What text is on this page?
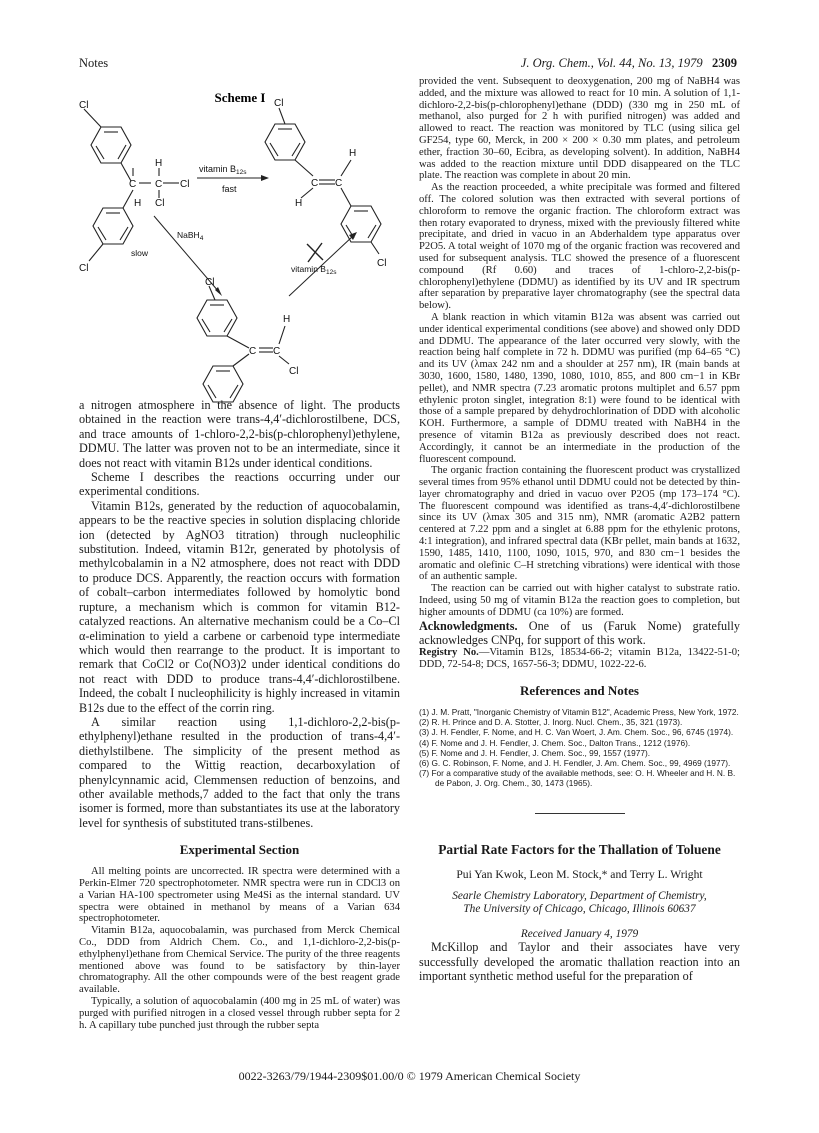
Notes	J. Org. Chem., Vol. 44, No. 13, 1979 2309
Scheme I
Cl
C C Cl
H
Cl
H
Cl
vitamin $B_{12s}$
fast
Cl
C C
H
H
Cl
NaBH$_4$
slow
vitamin $B_{12s}$
Cl
C C
H
Cl

a nitrogen atmosphere in the absence of light. The products obtained in the reaction were trans-4,4′-dichlorostilbene, DCS, and trace amounts of 1-chloro-2,2-bis(p-chlorophenyl)ethylene, DDMU. The latter was proven not to be an intermediate, since it does not react with vitamin B12s under identical conditions.

Scheme I describes the reactions occurring under our experimental conditions.

Vitamin B12s, generated by the reduction of aquocobalamin, appears to be the reactive species in solution displacing chloride ion (detected by AgNO3 titration) through nucleophilic substitution. Indeed, vitamin B12r, generated by photolysis of methylcobalamin in a N2 atmosphere, does not react with DDD to produce DCS. Apparently, the reaction occurs with formation of cobalt–carbon intermediates followed by homolytic bond rupture, a mechanism which is common for vitamin B12-catalyzed reactions. An alternative mechanism could be a Co–Cl α-elimination to yield a carbene or carbenoid type intermediate which would then rearrange to the product. It is important to remark that CoCl2 or Co(NO3)2 under identical conditions do not react with DDD to produce trans-4,4′-dichlorostilbene. Indeed, the cobalt I nucleophilicity is highly increased in vitamin B12s due to the effect of the corrin ring.

A similar reaction using 1,1-dichloro-2,2-bis(p-ethylphenyl)ethane resulted in the production of trans-4,4′-diethylstilbene. The simplicity of the present method as compared to the Wittig reaction, decarboxylation of phenylcynnamic acid, Clemmensen reduction of benzoins, and other available methods,7 added to the fact that only the trans isomer is formed, more than substantiates its use at the laboratory level for synthesis of substituted trans-stilbenes.

Experimental Section

All melting points are uncorrected. IR spectra were determined with a Perkin-Elmer 720 spectrophotometer. NMR spectra were run in CDCl3 on a Varian HA-100 spectrometer using Me4Si as the internal standard. UV spectra were obtained in methanol by means of a Varian 634 spectrophotometer.

Vitamin B12a, aquocobalamin, was purchased from Merck Chemical Co., DDD from Aldrich Chem. Co., and 1,1-dichloro-2,2-bis(p-ethylphenyl)ethane from Chemical Service. The purity of the three reagents mentioned above was found to be satisfactory by thin-layer chromatography. All the other compounds were of the best reagent grade available.

Typically, a solution of aquocobalamin (400 mg in 25 mL of water) was purged with purified nitrogen in a closed vessel through rubber septa for 2 h. A capillary tube punched just through the rubber septa

provided the vent. Subsequent to deoxygenation, 200 mg of NaBH4 was added, and the mixture was allowed to react for 10 min. A solution of 1,1-dichloro-2,2-bis(p-chlorophenyl)ethane (DDD) (330 mg in 250 mL of methanol, also purged for 2 h with purified nitrogen) was added and allowed to react. The reaction was monitored by TLC (using silica gel GF254, type 60, Merck, in 200 × 200 × 0.30 mm plates, and petroleum ether, fraction 30–60, Ecibra, as developing solvent). In addition, NaBH4 was added to the reaction mixture until DDD disappeared on the TLC plate. The reaction was complete in about 20 min.

As the reaction proceeded, a white precipitale was formed and filtered off. The colored solution was then extracted with several portions of chloroform to remove the organic fraction. The chloroform extract was then rotary evaporated to dryness, mixed with the previously filtered white precipitate, and dried in vacuo in an Abderhaldem type apparatus over P2O5. A total weight of 1070 mg of the organic fraction was recovered and used for subsequent analysis. TLC showed the presence of a fluorescent compound (Rf 0.60) and traces of 1-chloro-2,2-bis(p-chlorophenyl)ethylene (DDMU) as identified by its UV and IR spectrum after separation by preparative layer chromatography (see the spectral data below).

A blank reaction in which vitamin B12a was absent was carried out under identical experimental conditions (see above) and showed only DDD and DDMU. The appearance of the later occurred very slowly, with the reaction being half complete in 72 h. DDMU was purified (mp 64–65 °C) and its UV (λmax 242 nm and a shoulder at 257 nm), IR (main bands at 3030, 1600, 1580, 1480, 1390, 1080, 1010, 855, and 800 cm−1 in KBr pellet), and NMR spectra (7.23 aromatic protons multiplet and 6.57 ppm ethylenic proton singlet, integration 8:1) were found to be identical with those of a sample prepared by dehydrochlorination of DDD with alcoholic KOH. Furthermore, a sample of DDMU treated with NaBH4 in the presence of vitamin B12a as previously described does not react. Accordingly, it cannot be an intermediate in the production of the fluorescent compound.

The organic fraction containing the fluorescent product was crystallized several times from 95% ethanol until DDMU could not be detected by thin-layer chromatography and dried in vacuo over P2O5 (mp 173–174 °C). The fluorescent compound was identified as trans-4,4′-dichlorostilbene since its UV (λmax 305 and 315 nm), NMR (aromatic A2B2 pattern centered at 7.22 ppm and a singlet at 6.88 ppm for the ethylenic protons, 4:1 integration), and infrared spectral data (KBr pellet, main bands at 1632, 1590, 1485, 1410, 1100, 1090, 1015, 970, and 830 cm−1 besides the aromatic and olefinic C–H stretching vibrations) were identical with those of an authentic sample.

The reaction can be carried out with higher catalyst to substrate ratio. Indeed, using 50 mg of vitamin B12a the reaction goes to completion, but higher amounts of DDMU (ca 10%) are formed.

Acknowledgments. One of us (Faruk Nome) gratefully acknowledges CNPq, for support of this work.

Registry No.—Vitamin B12s, 18534-66-2; vitamin B12a, 13422-51-0; DDD, 72-54-8; DCS, 1657-56-3; DDMU, 1022-22-6.

References and Notes
(1) J. M. Pratt, "Inorganic Chemistry of Vitamin B12", Academic Press, New York, 1972.
(2) R. H. Prince and D. A. Stotter, J. Inorg. Nucl. Chem., 35, 321 (1973).
(3) J. H. Fendler, F. Nome, and H. C. Van Woert, J. Am. Chem. Soc., 96, 6745 (1974).
(4) F. Nome and J. H. Fendler, J. Chem. Soc., Dalton Trans., 1212 (1976).
(5) F. Nome and J. H. Fendler, J. Chem. Soc., 99, 1557 (1977).
(6) G. C. Robinson, F. Nome, and J. H. Fendler, J. Am. Chem. Soc., 99, 4969 (1977).
(7) For a comparative study of the available methods, see: O. H. Wheeler and H. N. B. de Pabon, J. Org. Chem., 30, 1473 (1965).
Partial Rate Factors for the Thallation of Toluene
Pui Yan Kwok, Leon M. Stock,* and Terry L. Wright
Searle Chemistry Laboratory, Department of Chemistry,
The University of Chicago, Chicago, Illinois 60637
Received January 4, 1979

McKillop and Taylor and their associates have very successfully developed the aromatic thallation reaction into an important synthetic method useful for the preparation of

0022-3263/79/1944-2309$01.00/0 © 1979 American Chemical Society
